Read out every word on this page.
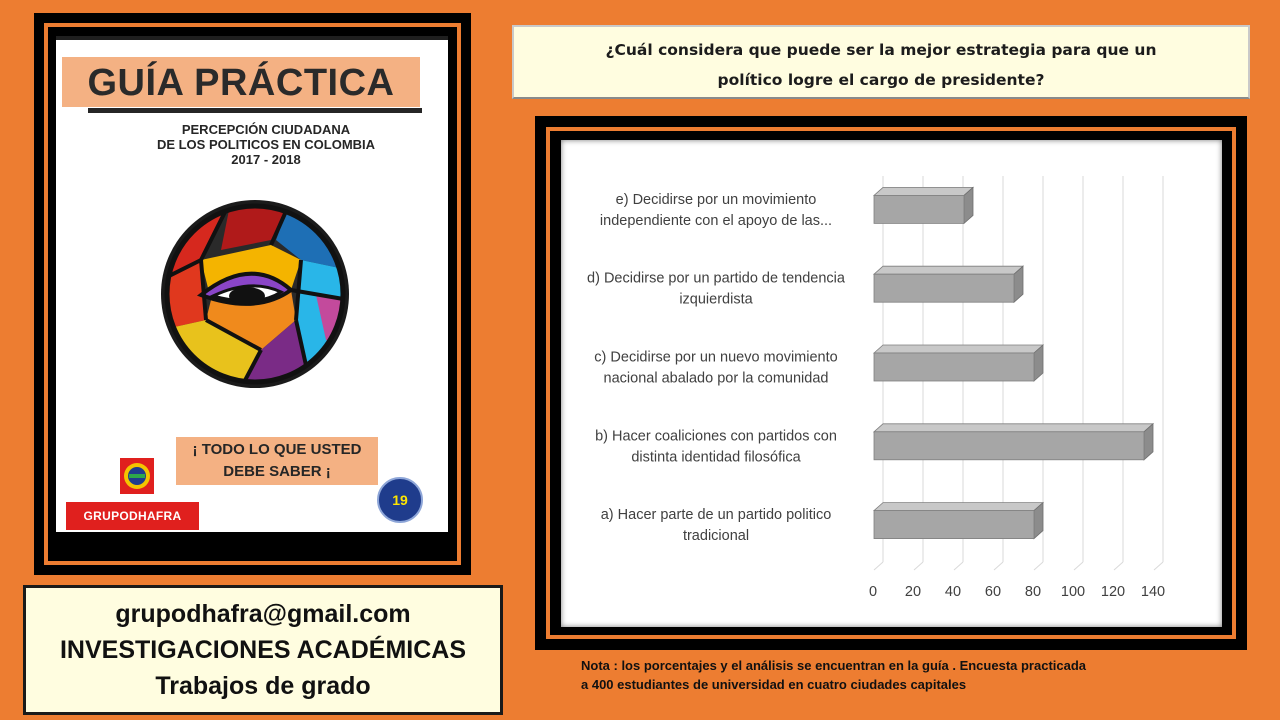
GUÍA PRÁCTICA
PERCEPCIÓN CIUDADANA
DE LOS POLITICOS EN COLOMBIA
2017 - 2018
¡ TODO LO QUE USTED
DEBE SABER ¡
19
GRUPODHAFRA
grupodhafra@gmail.com
INVESTIGACIONES ACADÉMICAS
Trabajos de grado
¿Cuál considera que puede ser la mejor estrategia para que un
político logre el cargo de presidente?
0 20 40 60 80 100 120 140
a) Hacer parte de un partido politico
tradicional
b) Hacer coaliciones con partidos con
distinta identidad filosófica
c) Decidirse por un nuevo movimiento
nacional abalado por la comunidad
d) Decidirse por un partido de tendencia
izquierdista
e) Decidirse por un movimiento
independiente con el apoyo de las...
Nota : los porcentajes y el análisis se encuentran en la guía . Encuesta practicada
a 400 estudiantes de universidad en cuatro ciudades capitales
